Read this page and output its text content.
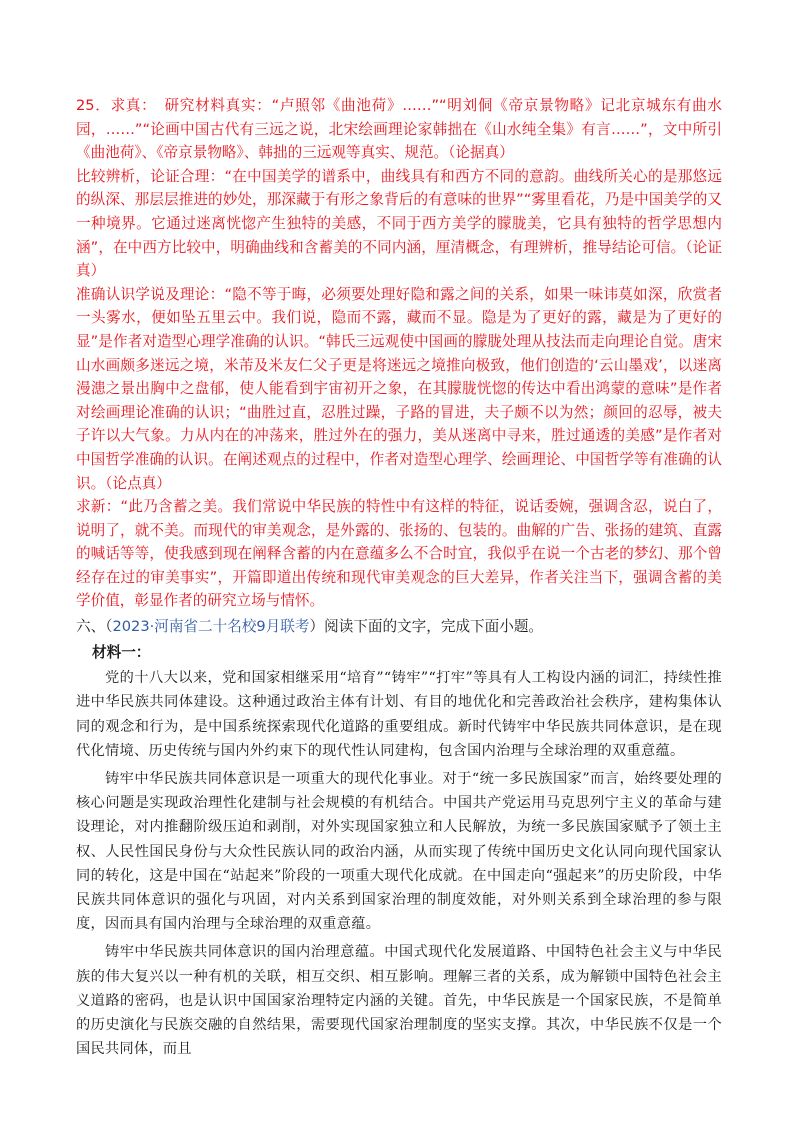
25．求真：　研究材料真实：“卢照邻《曲池荷》……”“明刘侗《帝京景物略》记北京城东有曲水园，……”“论画中国古代有三远之说，北宋绘画理论家韩拙在《山水纯全集》有言……”，文中所引《曲池荷》、《帝京景物略》、韩拙的三远观等真实、规范。（论据真）

比较辨析，论证合理：“在中国美学的谱系中，曲线具有和西方不同的意韵。曲线所关心的是那悠远的纵深、那层层推进的妙处，那深藏于有形之象背后的有意味的世界”“雾里看花，乃是中国美学的又一种境界。它通过迷离恍惚产生独特的美感，不同于西方美学的朦胧美，它具有独特的哲学思想内涵”，在中西方比较中，明确曲线和含蓄美的不同内涵，厘清概念，有理辨析，推导结论可信。（论证真）

准确认识学说及理论：“隐不等于晦，必须要处理好隐和露之间的关系，如果一味讳莫如深，欣赏者一头雾水，便如坠五里云中。我们说，隐而不露，藏而不显。隐是为了更好的露，藏是为了更好的显”是作者对造型心理学准确的认识。“韩氏三远观使中国画的朦胧处理从技法而走向理论自觉。唐宋山水画颇多迷远之境，米芾及米友仁父子更是将迷远之境推向极致，他们创造的‘云山墨戏’，以迷离漫漶之景出胸中之盘郁，使人能看到宇宙初开之象，在其朦胧恍惚的传达中看出鸿蒙的意味”是作者对绘画理论准确的认识；“曲胜过直，忍胜过躁，子路的冒进，夫子颇不以为然；颜回的忍辱，被夫子许以大气象。力从内在的冲荡来，胜过外在的强力，美从迷离中寻来，胜过通透的美感”是作者对中国哲学准确的认识。在阐述观点的过程中，作者对造型心理学、绘画理论、中国哲学等有准确的认识。（论点真）

求新：“此乃含蓄之美。我们常说中华民族的特性中有这样的特征，说话委婉，强调含忍，说白了，说明了，就不美。而现代的审美观念，是外露的、张扬的、包装的。曲解的广告、张扬的建筑、直露的喊话等等，使我感到现在阐释含蓄的内在意蕴多么不合时宜，我似乎在说一个古老的梦幻、那个曾经存在过的审美事实”，开篇即道出传统和现代审美观念的巨大差异，作者关注当下，强调含蓄的美学价值，彰显作者的研究立场与情怀。

六、（2023·河南省二十名校9月联考）阅读下面的文字，完成下面小题。
材料一：

党的十八大以来，党和国家相继采用“培育”“铸牢”“打牢”等具有人工构设内涵的词汇，持续性推进中华民族共同体建设。这种通过政治主体有计划、有目的地优化和完善政治社会秩序，建构集体认同的观念和行为，是中国系统探索现代化道路的重要组成。新时代铸牢中华民族共同体意识，是在现代化情境、历史传统与国内外约束下的现代性认同建构，包含国内治理与全球治理的双重意蕴。

铸牢中华民族共同体意识是一项重大的现代化事业。对于“统一多民族国家”而言，始终要处理的核心问题是实现政治理性化建制与社会规模的有机结合。中国共产党运用马克思列宁主义的革命与建设理论，对内推翻阶级压迫和剥削，对外实现国家独立和人民解放，为统一多民族国家赋予了领土主权、人民性国民身份与大众性民族认同的政治内涵，从而实现了传统中国历史文化认同向现代国家认同的转化，这是中国在“站起来”阶段的一项重大现代化成就。在中国走向“强起来”的历史阶段，中华民族共同体意识的强化与巩固，对内关系到国家治理的制度效能，对外则关系到全球治理的参与限度，因而具有国内治理与全球治理的双重意蕴。

铸牢中华民族共同体意识的国内治理意蕴。中国式现代化发展道路、中国特色社会主义与中华民族的伟大复兴以一种有机的关联，相互交织、相互影响。理解三者的关系，成为解锁中国特色社会主义道路的密码，也是认识中国国家治理特定内涵的关键。首先，中华民族是一个国家民族，不是简单的历史演化与民族交融的自然结果，需要现代国家治理制度的坚实支撑。其次，中华民族不仅是一个国民共同体，而且
